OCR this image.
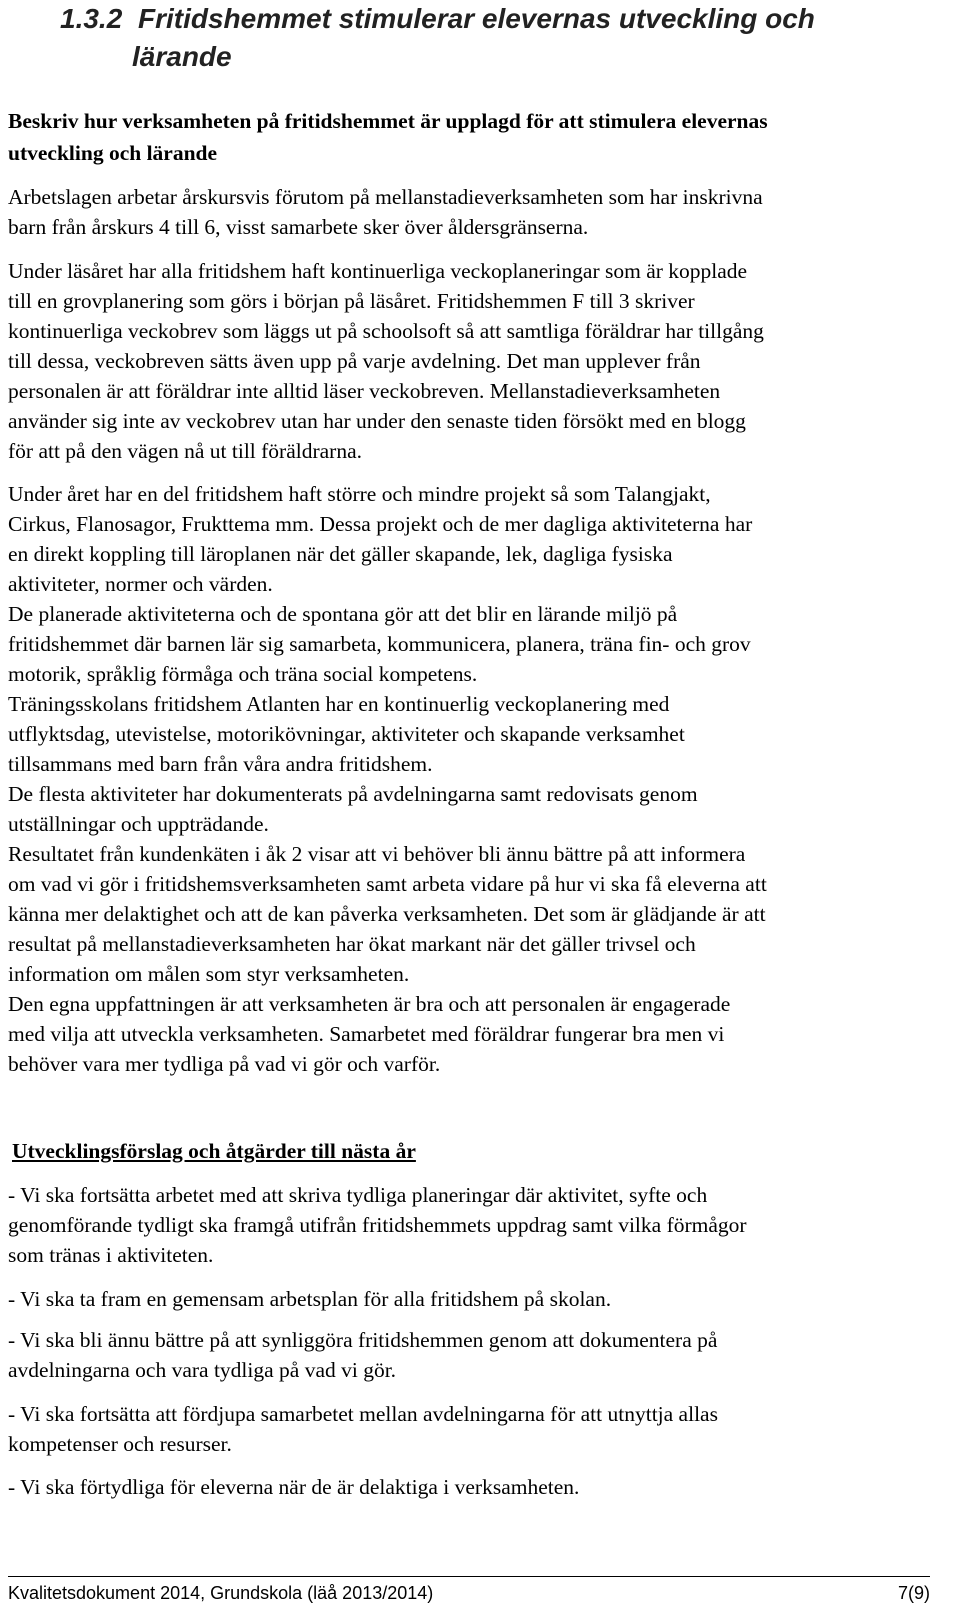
1.3.2 Fritidshemmet stimulerar elevernas utveckling och
lärande
Beskriv hur verksamheten på fritidshemmet är upplagd för att stimulera elevernas
utveckling och lärande
Arbetslagen arbetar årskursvis förutom på mellanstadieverksamheten som har inskrivna
barn från årskurs 4 till 6, visst samarbete sker över åldersgränserna.
Under läsåret har alla fritidshem haft kontinuerliga veckoplaneringar som är kopplade
till en grovplanering som görs i början på läsåret. Fritidshemmen F till 3 skriver
kontinuerliga veckobrev som läggs ut på schoolsoft så att samtliga föräldrar har tillgång
till dessa, veckobreven sätts även upp på varje avdelning. Det man upplever från
personalen är att föräldrar inte alltid läser veckobreven. Mellanstadieverksamheten
använder sig inte av veckobrev utan har under den senaste tiden försökt med en blogg
för att på den vägen nå ut till föräldrarna.
Under året har en del fritidshem haft större och mindre projekt så som Talangjakt,
Cirkus, Flanosagor, Frukttema mm. Dessa projekt och de mer dagliga aktiviteterna har
en direkt koppling till läroplanen när det gäller skapande, lek, dagliga fysiska
aktiviteter, normer och värden.
De planerade aktiviteterna och de spontana gör att det blir en lärande miljö på
fritidshemmet där barnen lär sig samarbeta, kommunicera, planera, träna fin- och grov
motorik, språklig förmåga och träna social kompetens.
Träningsskolans fritidshem Atlanten har en kontinuerlig veckoplanering med
utflyktsdag, utevistelse, motorikövningar, aktiviteter och skapande verksamhet
tillsammans med barn från våra andra fritidshem.
De flesta aktiviteter har dokumenterats på avdelningarna samt redovisats genom
utställningar och uppträdande.
Resultatet från kundenkäten i åk 2 visar att vi behöver bli ännu bättre på att informera
om vad vi gör i fritidshemsverksamheten samt arbeta vidare på hur vi ska få eleverna att
känna mer delaktighet och att de kan påverka verksamheten. Det som är glädjande är att
resultat på mellanstadieverksamheten har ökat markant när det gäller trivsel och
information om målen som styr verksamheten.
Den egna uppfattningen är att verksamheten är bra och att personalen är engagerade
med vilja att utveckla verksamheten. Samarbetet med föräldrar fungerar bra men vi
behöver vara mer tydliga på vad vi gör och varför.
Utvecklingsförslag och åtgärder till nästa år
- Vi ska fortsätta arbetet med att skriva tydliga planeringar där aktivitet, syfte och
genomförande tydligt ska framgå utifrån fritidshemmets uppdrag samt vilka förmågor
som tränas i aktiviteten.
- Vi ska ta fram en gemensam arbetsplan för alla fritidshem på skolan.
- Vi ska bli ännu bättre på att synliggöra fritidshemmen genom att dokumentera på
avdelningarna och vara tydliga på vad vi gör.
- Vi ska fortsätta att fördjupa samarbetet mellan avdelningarna för att utnyttja allas
kompetenser och resurser.
- Vi ska förtydliga för eleverna när de är delaktiga i verksamheten.
Kvalitetsdokument 2014, Grundskola (läå 2013/2014)	7(9)
